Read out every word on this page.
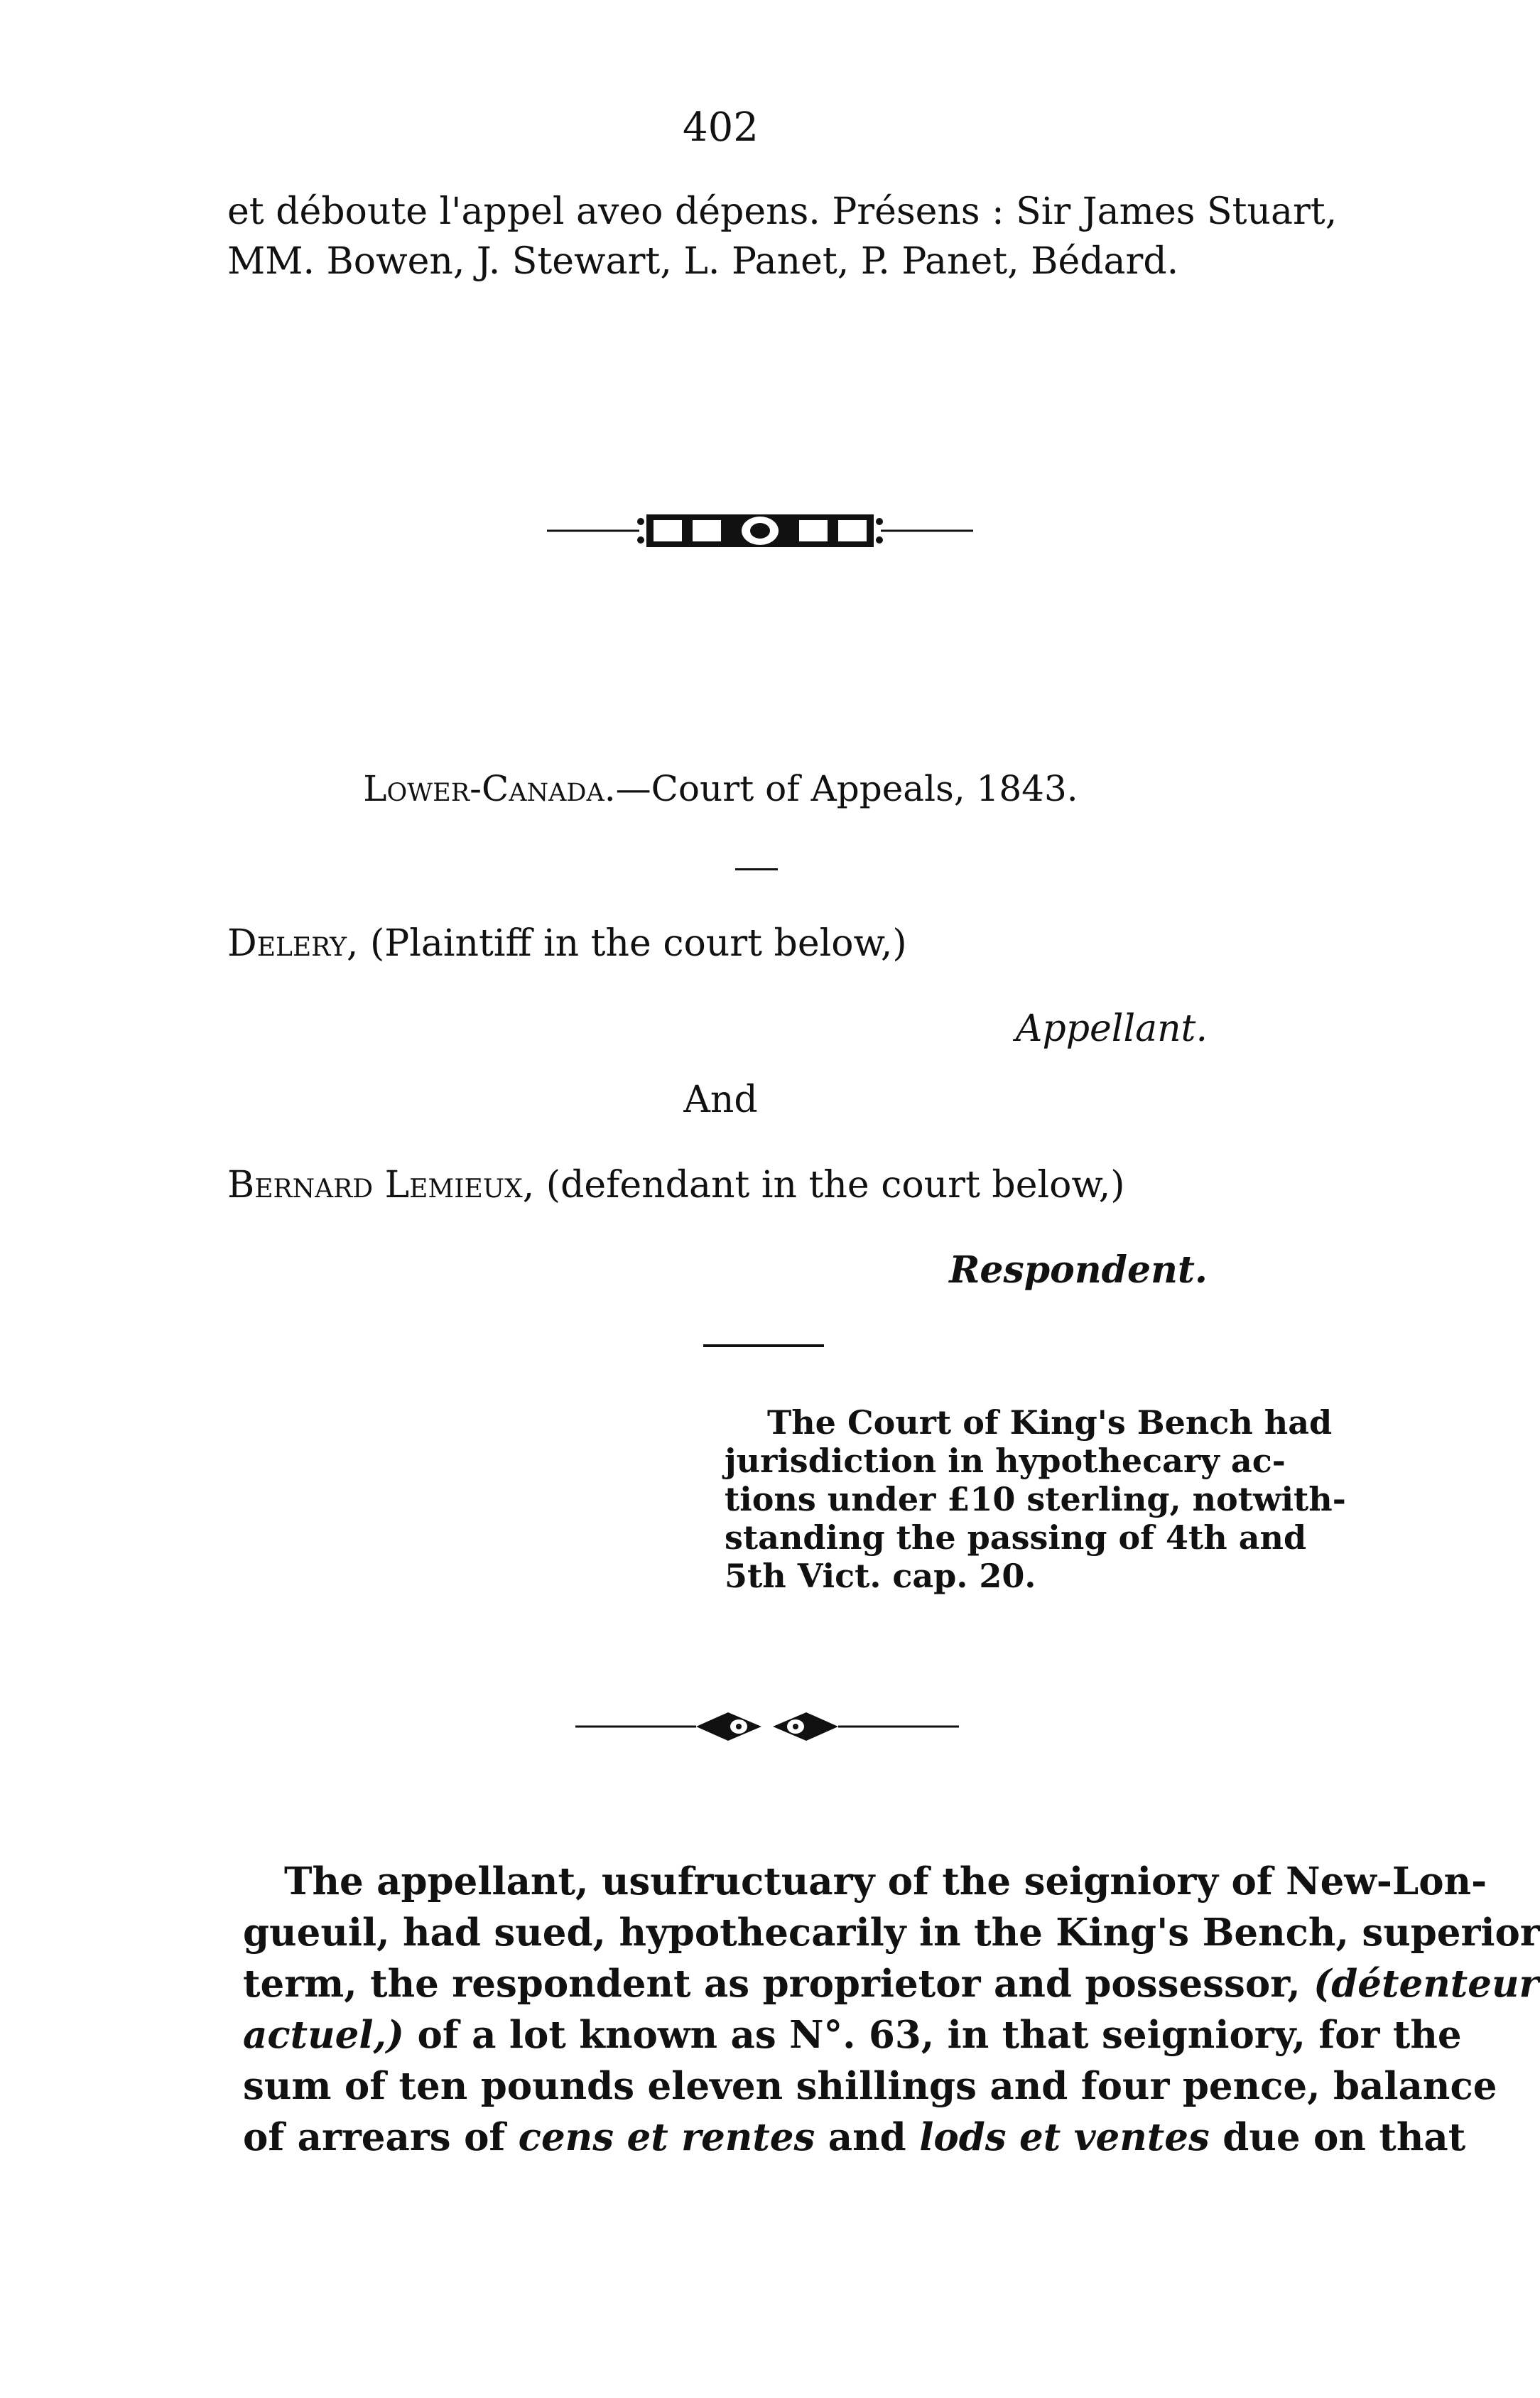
402
et déboute l'appel aveo dépens. Présens : Sir James Stuart,
MM. Bowen, J. Stewart, L. Panet, P. Panet, Bédard.
Lower-Canada.—Court of Appeals, 1843.
Delery, (Plaintiff in the court below,)
Appellant.
And
Bernard Lemieux, (defendant in the court below,)
Respondent.
The Court of King's Bench had
jurisdiction in hypothecary ac-
tions under £10 sterling, notwith-
standing the passing of 4th and
5th Vict. cap. 20.
The appellant, usufructuary of the seigniory of New-Lon-
gueuil, had sued, hypothecarily in the King's Bench, superior
term, the respondent as proprietor and possessor, (détenteur
actuel,) of a lot known as N°. 63, in that seigniory, for the
sum of ten pounds eleven shillings and four pence, balance
of arrears of cens et rentes and lods et ventes due on that
